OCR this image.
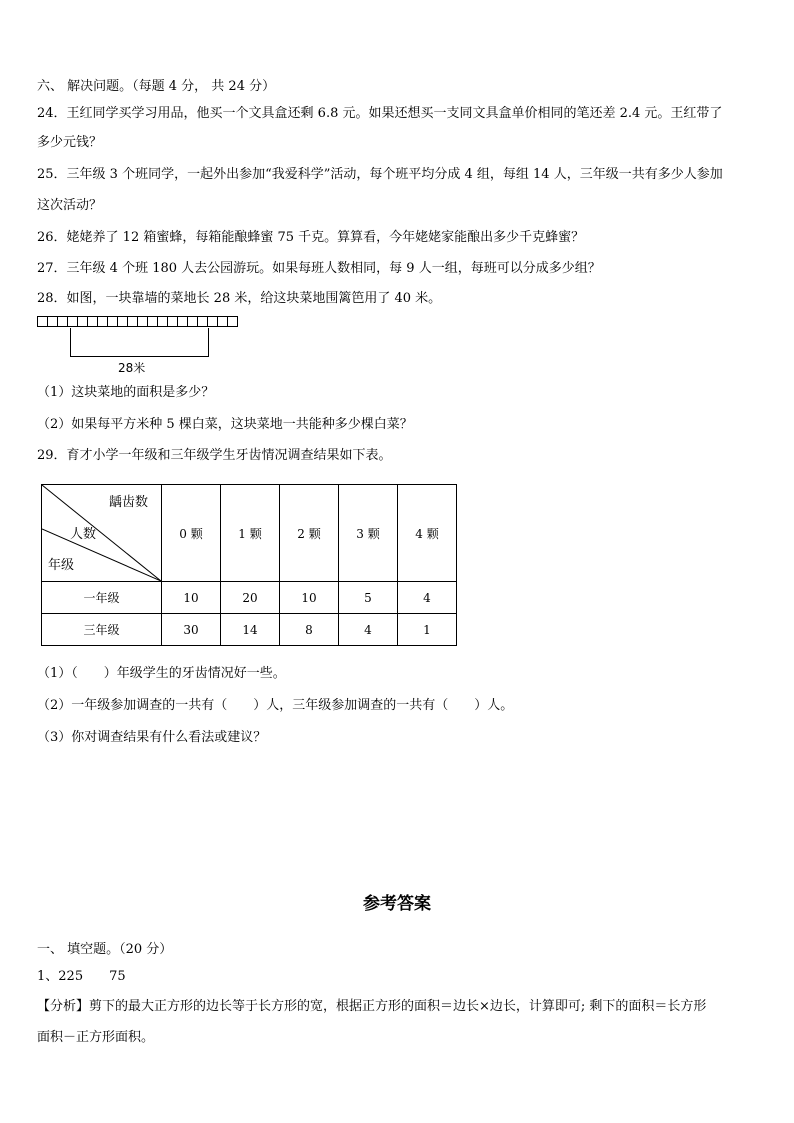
六、 解决问题。（每题 4 分， 共 24 分）
24．王红同学买学习用品，他买一个文具盒还剩 6.8 元。如果还想买一支同文具盒单价相同的笔还差 2.4 元。王红带了
多少元钱？
25．三年级 3 个班同学，一起外出参加“我爱科学”活动，每个班平均分成 4 组，每组 14 人，三年级一共有多少人参加
这次活动？
26．姥姥养了 12 箱蜜蜂，每箱能酿蜂蜜 75 千克。算算看，今年姥姥家能酿出多少千克蜂蜜？
27．三年级 4 个班 180 人去公园游玩。如果每班人数相同，每 9 人一组，每班可以分成多少组？
28．如图，一块靠墙的菜地长 28 米，给这块菜地围篱笆用了 40 米。
28米
（1）这块菜地的面积是多少？
（2）如果每平方米种 5 棵白菜，这块菜地一共能种多少棵白菜？
29．育才小学一年级和三年级学生牙齿情况调查结果如下表。
龋齿数
人数
年级	0 颗	1 颗	2 颗	3 颗	4 颗
一年级	10	20	10	5	4
三年级	30	14	8	4	1
（1）（　　）年级学生的牙齿情况好一些。
（2）一年级参加调查的一共有（　　）人，三年级参加调查的一共有（　　）人。
（3）你对调查结果有什么看法或建议？
参考答案
一、 填空题。（20 分）
1、225　　75
【分析】剪下的最大正方形的边长等于长方形的宽，根据正方形的面积＝边长×边长，计算即可; 剩下的面积＝长方形
面积－正方形面积。
